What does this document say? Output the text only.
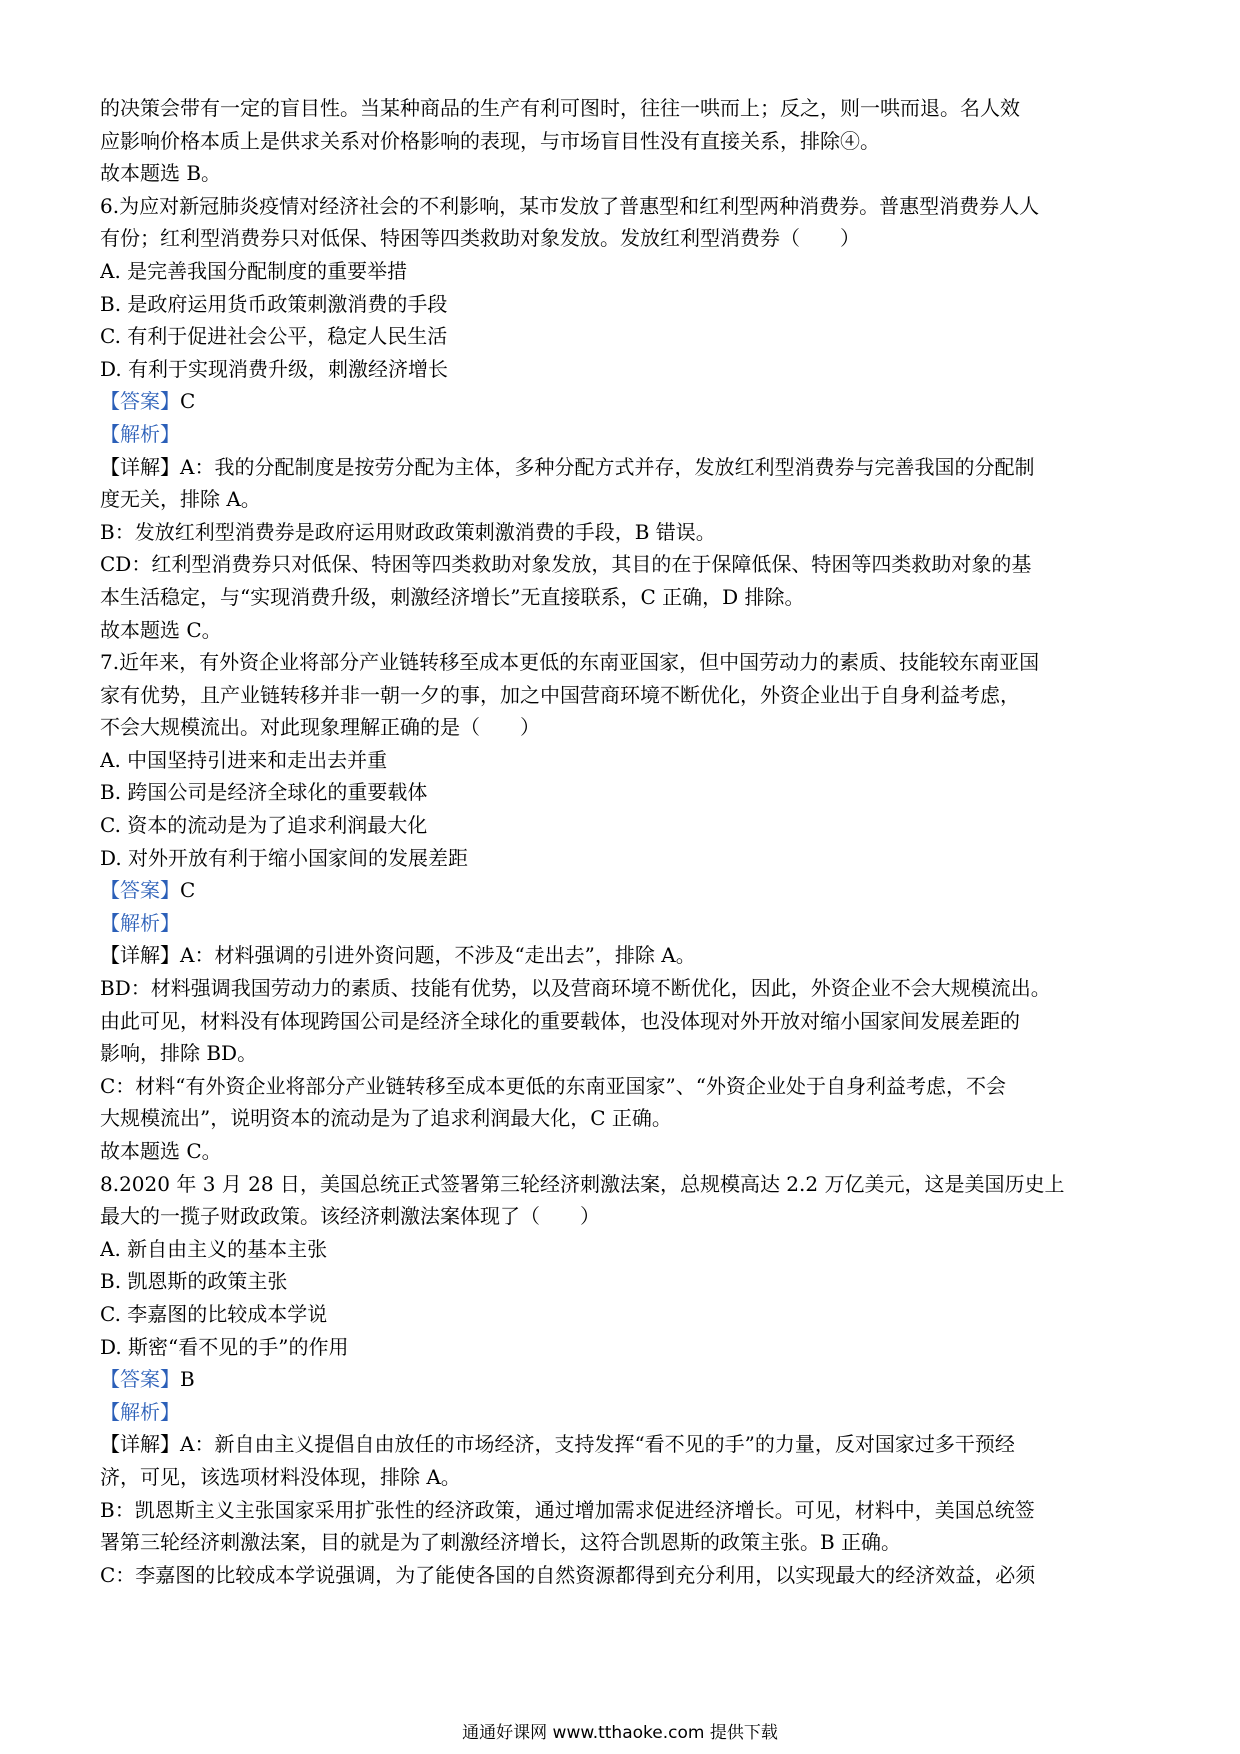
的决策会带有一定的盲目性。当某种商品的生产有利可图时，往往一哄而上；反之，则一哄而退。名人效
应影响价格本质上是供求关系对价格影响的表现，与市场盲目性没有直接关系，排除④。
故本题选 B。
6.为应对新冠肺炎疫情对经济社会的不利影响，某市发放了普惠型和红利型两种消费券。普惠型消费券人人
有份；红利型消费券只对低保、特困等四类救助对象发放。发放红利型消费券（　　）
A. 是完善我国分配制度的重要举措
B. 是政府运用货币政策刺激消费的手段
C. 有利于促进社会公平，稳定人民生活
D. 有利于实现消费升级，刺激经济增长
【答案】C
【解析】
【详解】A：我的分配制度是按劳分配为主体，多种分配方式并存，发放红利型消费券与完善我国的分配制
度无关，排除 A。
B：发放红利型消费券是政府运用财政政策刺激消费的手段，B 错误。
CD：红利型消费券只对低保、特困等四类救助对象发放，其目的在于保障低保、特困等四类救助对象的基
本生活稳定，与“实现消费升级，刺激经济增长”无直接联系，C 正确，D 排除。
故本题选 C。
7.近年来，有外资企业将部分产业链转移至成本更低的东南亚国家，但中国劳动力的素质、技能较东南亚国
家有优势，且产业链转移并非一朝一夕的事，加之中国营商环境不断优化，外资企业出于自身利益考虑，
不会大规模流出。对此现象理解正确的是（　　）
A. 中国坚持引进来和走出去并重
B. 跨国公司是经济全球化的重要载体
C. 资本的流动是为了追求利润最大化
D. 对外开放有利于缩小国家间的发展差距
【答案】C
【解析】
【详解】A：材料强调的引进外资问题，不涉及“走出去”，排除 A。
BD：材料强调我国劳动力的素质、技能有优势，以及营商环境不断优化，因此，外资企业不会大规模流出。
由此可见，材料没有体现跨国公司是经济全球化的重要载体，也没体现对外开放对缩小国家间发展差距的
影响，排除 BD。
C：材料“有外资企业将部分产业链转移至成本更低的东南亚国家”、“外资企业处于自身利益考虑，不会
大规模流出”，说明资本的流动是为了追求利润最大化，C 正确。
故本题选 C。
8.2020 年 3 月 28 日，美国总统正式签署第三轮经济刺激法案，总规模高达 2.2 万亿美元，这是美国历史上
最大的一揽子财政政策。该经济刺激法案体现了（　　）
A. 新自由主义的基本主张
B. 凯恩斯的政策主张
C. 李嘉图的比较成本学说
D. 斯密“看不见的手”的作用
【答案】B
【解析】
【详解】A：新自由主义提倡自由放任的市场经济，支持发挥“看不见的手”的力量，反对国家过多干预经
济，可见，该选项材料没体现，排除 A。
B：凯恩斯主义主张国家采用扩张性的经济政策，通过增加需求促进经济增长。可见，材料中，美国总统签
署第三轮经济刺激法案，目的就是为了刺激经济增长，这符合凯恩斯的政策主张。B 正确。
C：李嘉图的比较成本学说强调，为了能使各国的自然资源都得到充分利用，以实现最大的经济效益，必须
通通好课网 www.tthaoke.com 提供下载
